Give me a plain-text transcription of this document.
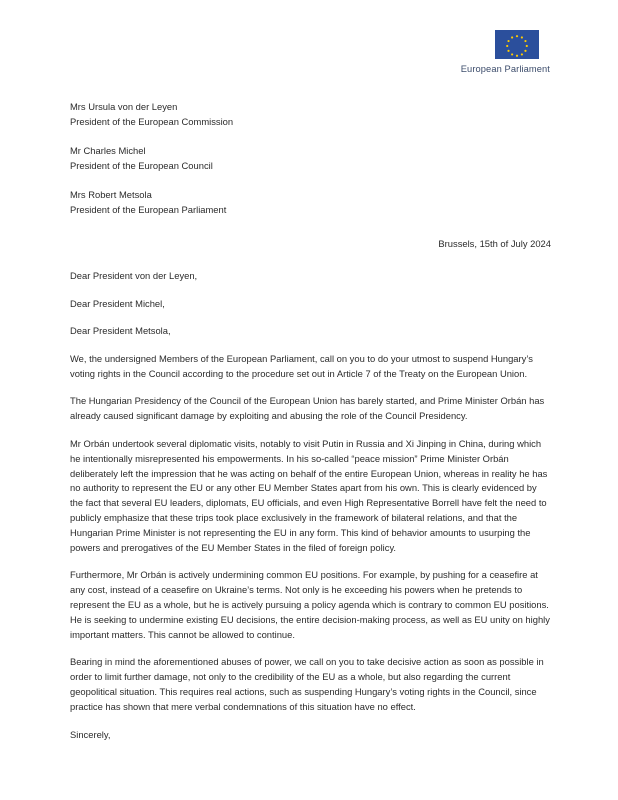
European Parliament
Mrs Ursula von der Leyen
President of the European Commission
Mr Charles Michel
President of the European Council
Mrs Robert Metsola
President of the European Parliament
Brussels, 15th of July 2024
Dear President von der Leyen,
Dear President Michel,
Dear President Metsola,

We, the undersigned Members of the European Parliament, call on you to do your utmost to suspend Hungary’s voting rights in the Council according to the procedure set out in Article 7 of the Treaty on the European Union.

The Hungarian Presidency of the Council of the European Union has barely started, and Prime Minister Orbán has already caused significant damage by exploiting and abusing the role of the Council Presidency.

Mr Orbán undertook several diplomatic visits, notably to visit Putin in Russia and Xi Jinping in China, during which he intentionally misrepresented his empowerments. In his so-called “peace mission” Prime Minister Orbán deliberately left the impression that he was acting on behalf of the entire European Union, whereas in reality he has no authority to represent the EU or any other EU Member States apart from his own. This is clearly evidenced by the fact that several EU leaders, diplomats, EU officials, and even High Representative Borrell have felt the need to publicly emphasize that these trips took place exclusively in the framework of bilateral relations, and that the Hungarian Prime Minister is not representing the EU in any form. This kind of behavior amounts to usurping the powers and prerogatives of the EU Member States in the filed of foreign policy.

Furthermore, Mr Orbán is actively undermining common EU positions. For example, by pushing for a ceasefire at any cost, instead of a ceasefire on Ukraine’s terms. Not only is he exceeding his powers when he pretends to represent the EU as a whole, but he is actively pursuing a policy agenda which is contrary to common EU positions. He is seeking to undermine existing EU decisions, the entire decision-making process, as well as EU unity on highly important matters. This cannot be allowed to continue.

Bearing in mind the aforementioned abuses of power, we call on you to take decisive action as soon as possible in order to limit further damage, not only to the credibility of the EU as a whole, but also regarding the current geopolitical situation. This requires real actions, such as suspending Hungary’s voting rights in the Council, since practice has shown that mere verbal condemnations of this situation have no effect.

Sincerely,
